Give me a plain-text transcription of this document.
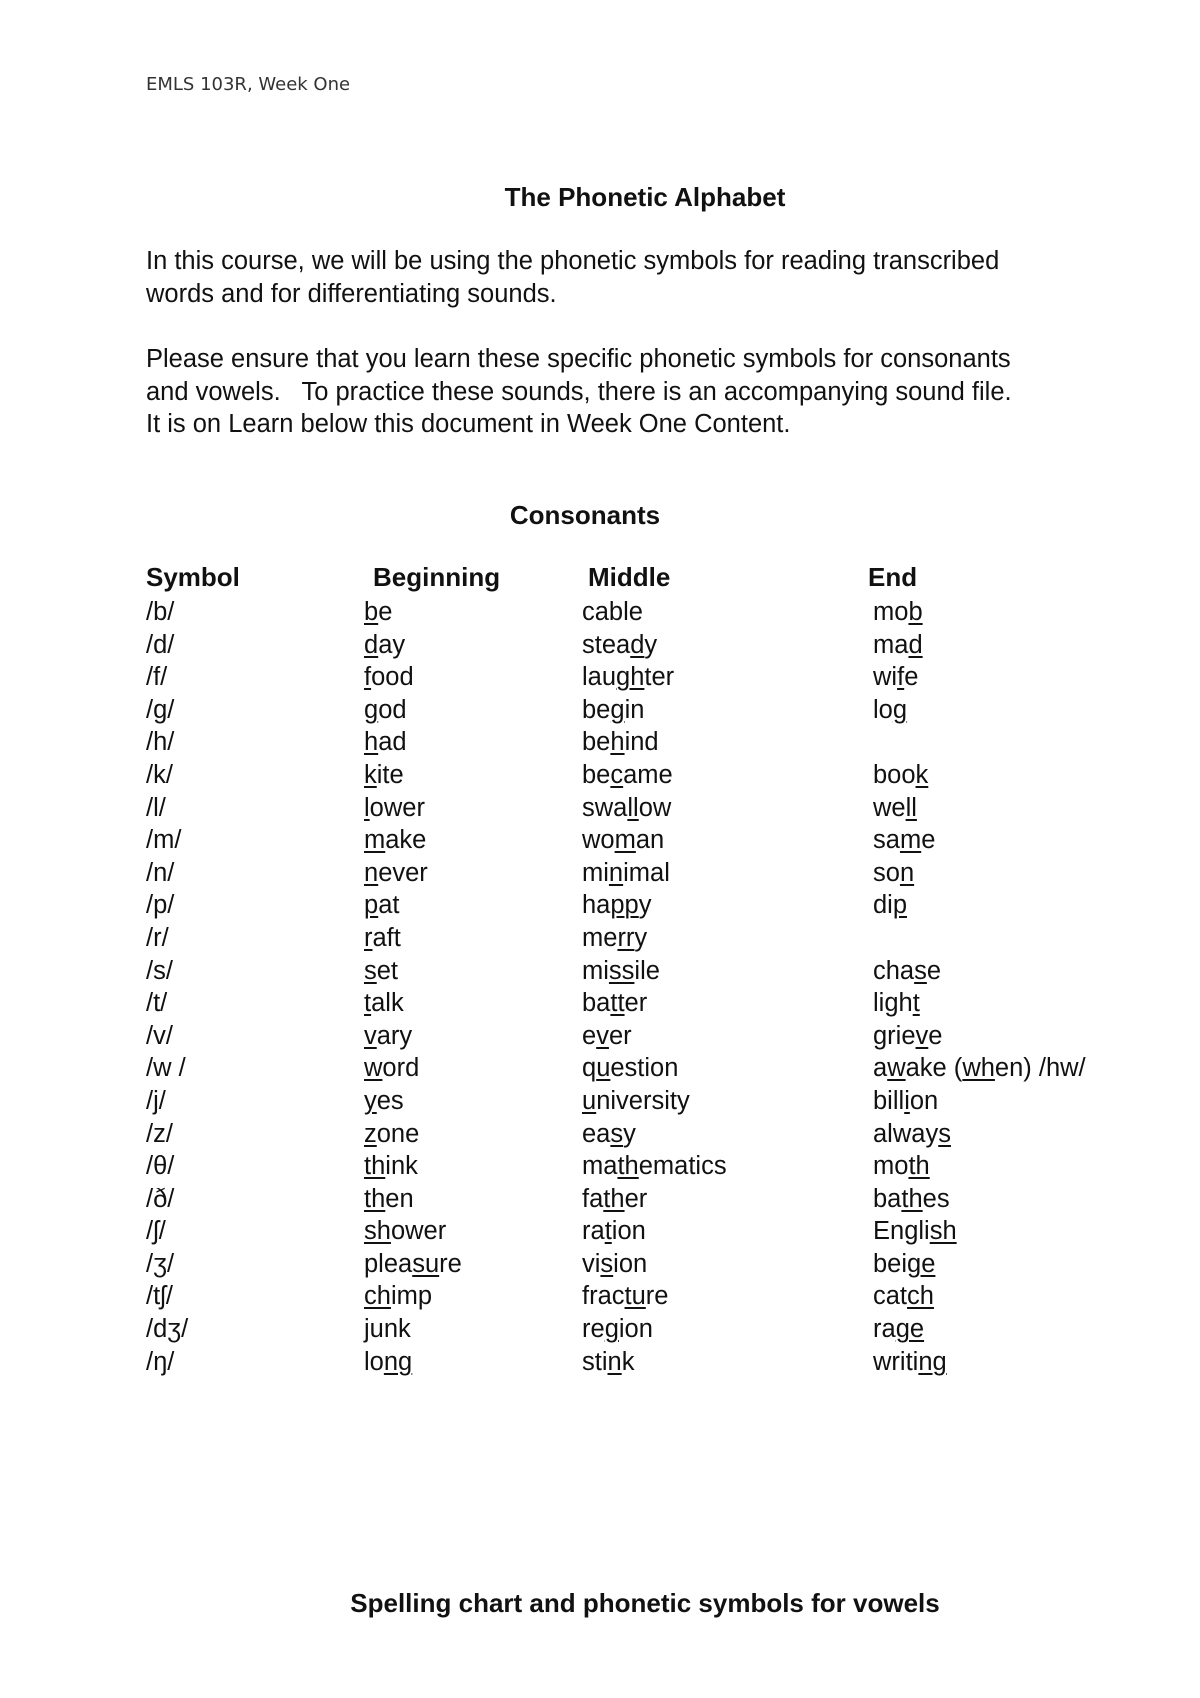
EMLS 103R, Week One
The Phonetic Alphabet

In this course, we will be using the phonetic symbols for reading transcribed

words and for differentiating sounds.

Please ensure that you learn these specific phonetic symbols for consonants

and vowels.   To practice these sounds, there is an accompanying sound file.

It is on Learn below this document in Week One Content.

Consonants
Symbol	Beginning	Middle	End
/b/	be	cable	mob
/d/	day	steady	mad
/f/	food	laughter	wife
/g/	god	begin	log
/h/	had	behind
/k/	kite	became	book
/l/	lower	swallow	well
/m/	make	woman	same
/n/	never	minimal	son
/p/	pat	happy	dip
/r/	raft	merry
/s/	set	missile	chase
/t/	talk	batter	light
/v/	vary	ever	grieve
/w /	word	question	awake (when) /hw/
/j/	yes	university	billion
/z/	zone	easy	always
/θ/	think	mathematics	moth
/ð/	then	father	bathes
/ʃ/	shower	ration	English
/ʒ/	pleasure	vision	beige
/tʃ/	chimp	fracture	catch
/dʒ/	junk	region	rage
/ŋ/	long	stink	writing
Spelling chart and phonetic symbols for vowels
